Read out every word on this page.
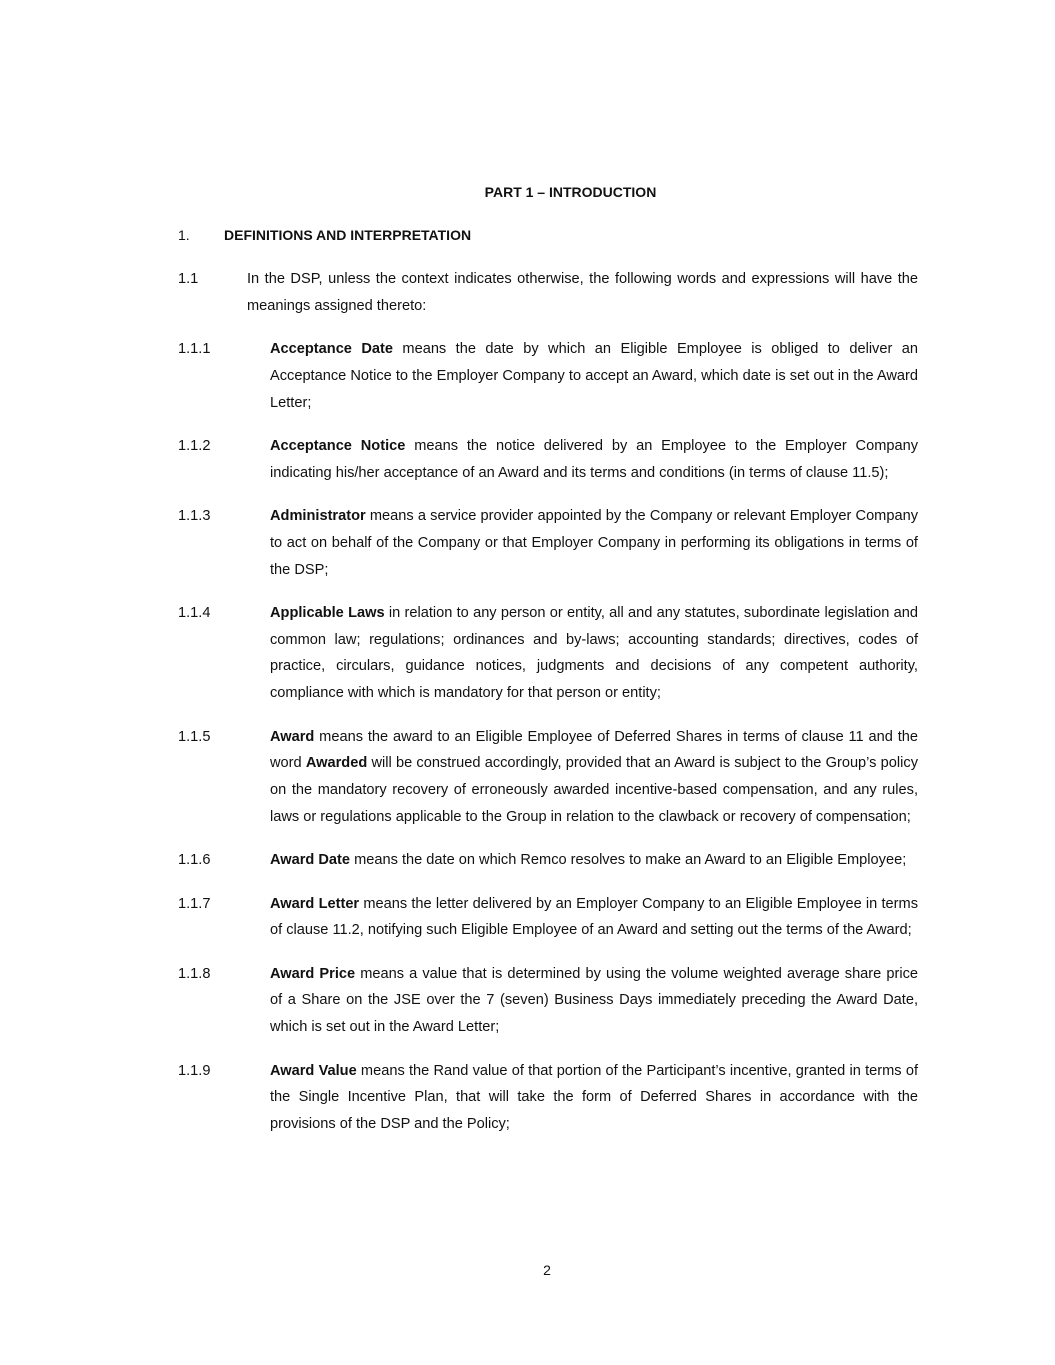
PART 1 – INTRODUCTION
1. DEFINITIONS AND INTERPRETATION
1.1	In the DSP, unless the context indicates otherwise, the following words and expressions will have the meanings assigned thereto:
1.1.1	Acceptance Date means the date by which an Eligible Employee is obliged to deliver an Acceptance Notice to the Employer Company to accept an Award, which date is set out in the Award Letter;
1.1.2	Acceptance Notice means the notice delivered by an Employee to the Employer Company indicating his/her acceptance of an Award and its terms and conditions (in terms of clause 11.5);
1.1.3	Administrator means a service provider appointed by the Company or relevant Employer Company to act on behalf of the Company or that Employer Company in performing its obligations in terms of the DSP;
1.1.4	Applicable Laws in relation to any person or entity, all and any statutes, subordinate legislation and common law; regulations; ordinances and by-laws; accounting standards; directives, codes of practice, circulars, guidance notices, judgments and decisions of any competent authority, compliance with which is mandatory for that person or entity;
1.1.5	Award means the award to an Eligible Employee of Deferred Shares in terms of clause 11 and the word Awarded will be construed accordingly, provided that an Award is subject to the Group’s policy on the mandatory recovery of erroneously awarded incentive-based compensation, and any rules, laws or regulations applicable to the Group in relation to the clawback or recovery of compensation;
1.1.6	Award Date means the date on which Remco resolves to make an Award to an Eligible Employee;
1.1.7	Award Letter means the letter delivered by an Employer Company to an Eligible Employee in terms of clause 11.2, notifying such Eligible Employee of an Award and setting out the terms of the Award;
1.1.8	Award Price means a value that is determined by using the volume weighted average share price of a Share on the JSE over the 7 (seven) Business Days immediately preceding the Award Date, which is set out in the Award Letter;
1.1.9	Award Value means the Rand value of that portion of the Participant’s incentive, granted in terms of the Single Incentive Plan, that will take the form of Deferred Shares in accordance with the provisions of the DSP and the Policy;
2
